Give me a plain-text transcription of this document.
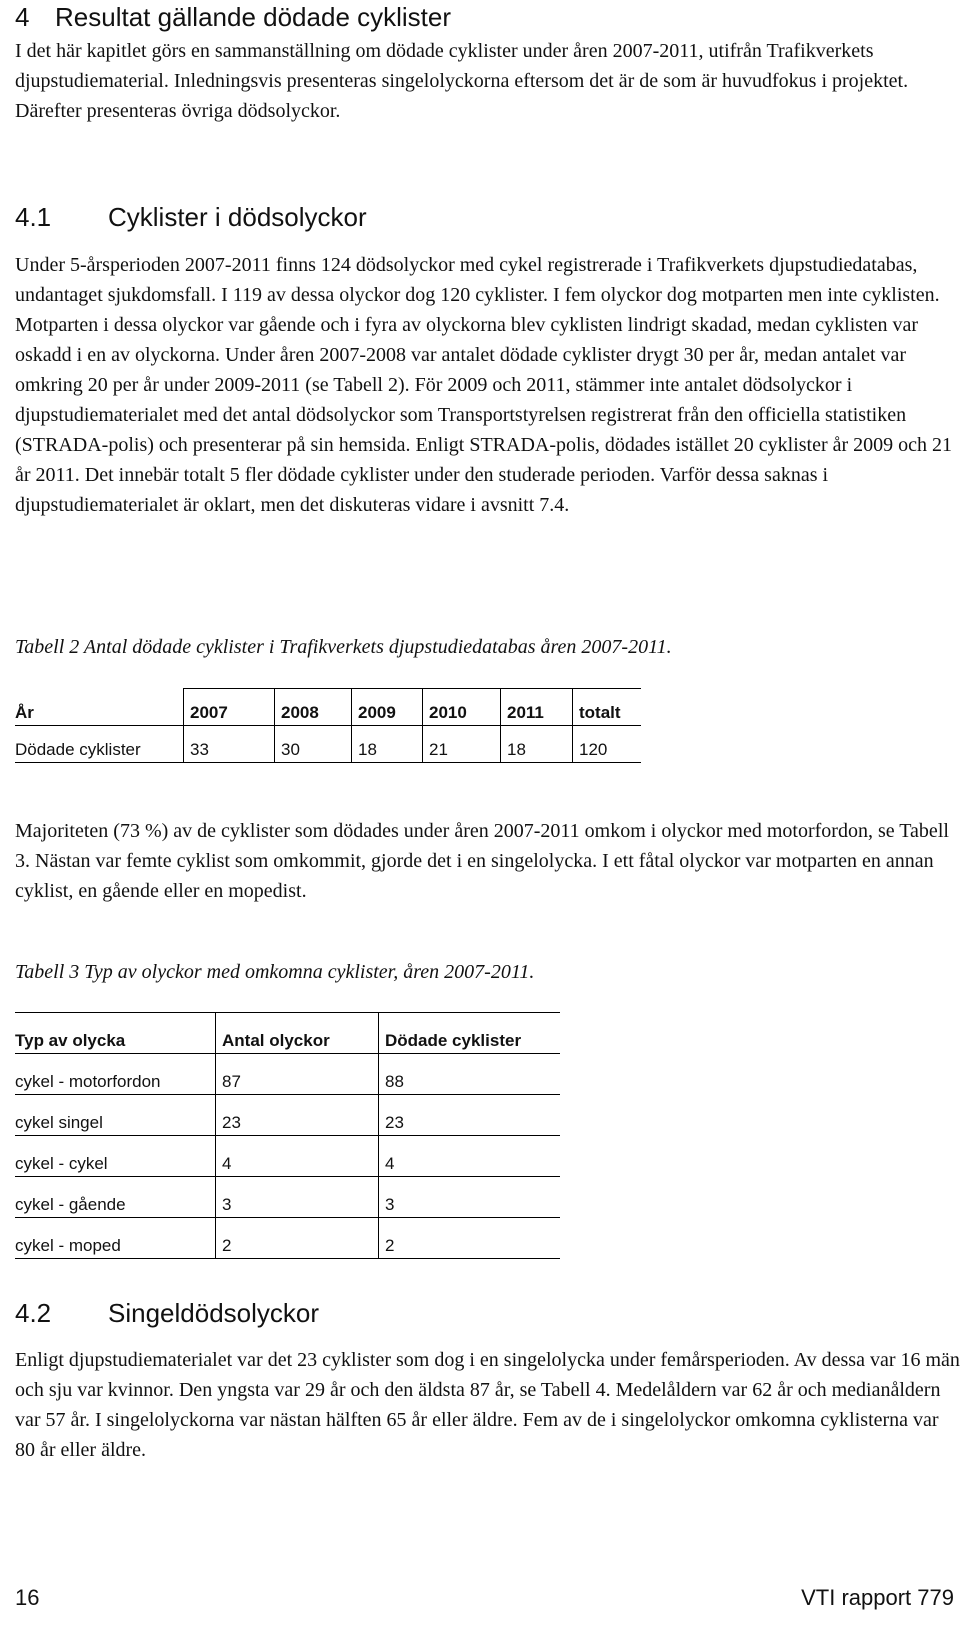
4 Resultat gällande dödade cyklister

I det här kapitlet görs en sammanställning om dödade cyklister under åren 2007-2011, utifrån Trafikverkets djupstudiematerial. Inledningsvis presenteras singelolyckorna eftersom det är de som är huvudfokus i projektet. Därefter presenteras övriga dödsolyckor.

4.1 Cyklister i dödsolyckor

Under 5-årsperioden 2007-2011 finns 124 dödsolyckor med cykel registrerade i Trafikverkets djupstudiedatabas, undantaget sjukdomsfall. I 119 av dessa olyckor dog 120 cyklister. I fem olyckor dog motparten men inte cyklisten. Motparten i dessa olyckor var gående och i fyra av olyckorna blev cyklisten lindrigt skadad, medan cyklisten var oskadd i en av olyckorna. Under åren 2007-2008 var antalet dödade cyklister drygt 30 per år, medan antalet var omkring 20 per år under 2009-2011 (se Tabell 2). För 2009 och 2011, stämmer inte antalet dödsolyckor i djupstudiematerialet med det antal dödsolyckor som Transportstyrelsen registrerat från den officiella statistiken (STRADA-polis) och presenterar på sin hemsida. Enligt STRADA-polis, dödades istället 20 cyklister år 2009 och 21 år 2011. Det innebär totalt 5 fler dödade cyklister under den studerade perioden. Varför dessa saknas i djupstudiematerialet är oklart, men det diskuteras vidare i avsnitt 7.4.

Tabell 2 Antal dödade cyklister i Trafikverkets djupstudiedatabas åren 2007-2011.
År	2007	2008	2009	2010	2011	totalt
Dödade cyklister	33	30	18	21	18	120

Majoriteten (73 %) av de cyklister som dödades under åren 2007-2011 omkom i olyckor med motorfordon, se Tabell 3. Nästan var femte cyklist som omkommit, gjorde det i en singelolycka. I ett fåtal olyckor var motparten en annan cyklist, en gående eller en mopedist.

Tabell 3 Typ av olyckor med omkomna cyklister, åren 2007-2011.
Typ av olycka	Antal olyckor	Dödade cyklister
cykel - motorfordon	87	88
cykel singel	23	23
cykel - cykel	4	4
cykel - gående	3	3
cykel - moped	2	2
4.2 Singeldödsolyckor

Enligt djupstudiematerialet var det 23 cyklister som dog i en singelolycka under femårsperioden. Av dessa var 16 män och sju var kvinnor. Den yngsta var 29 år och den äldsta 87 år, se Tabell 4. Medelåldern var 62 år och medianåldern var 57 år. I singelolyckorna var nästan hälften 65 år eller äldre. Fem av de i singelolyckor omkomna cyklisterna var 80 år eller äldre.

16	VTI rapport 779
